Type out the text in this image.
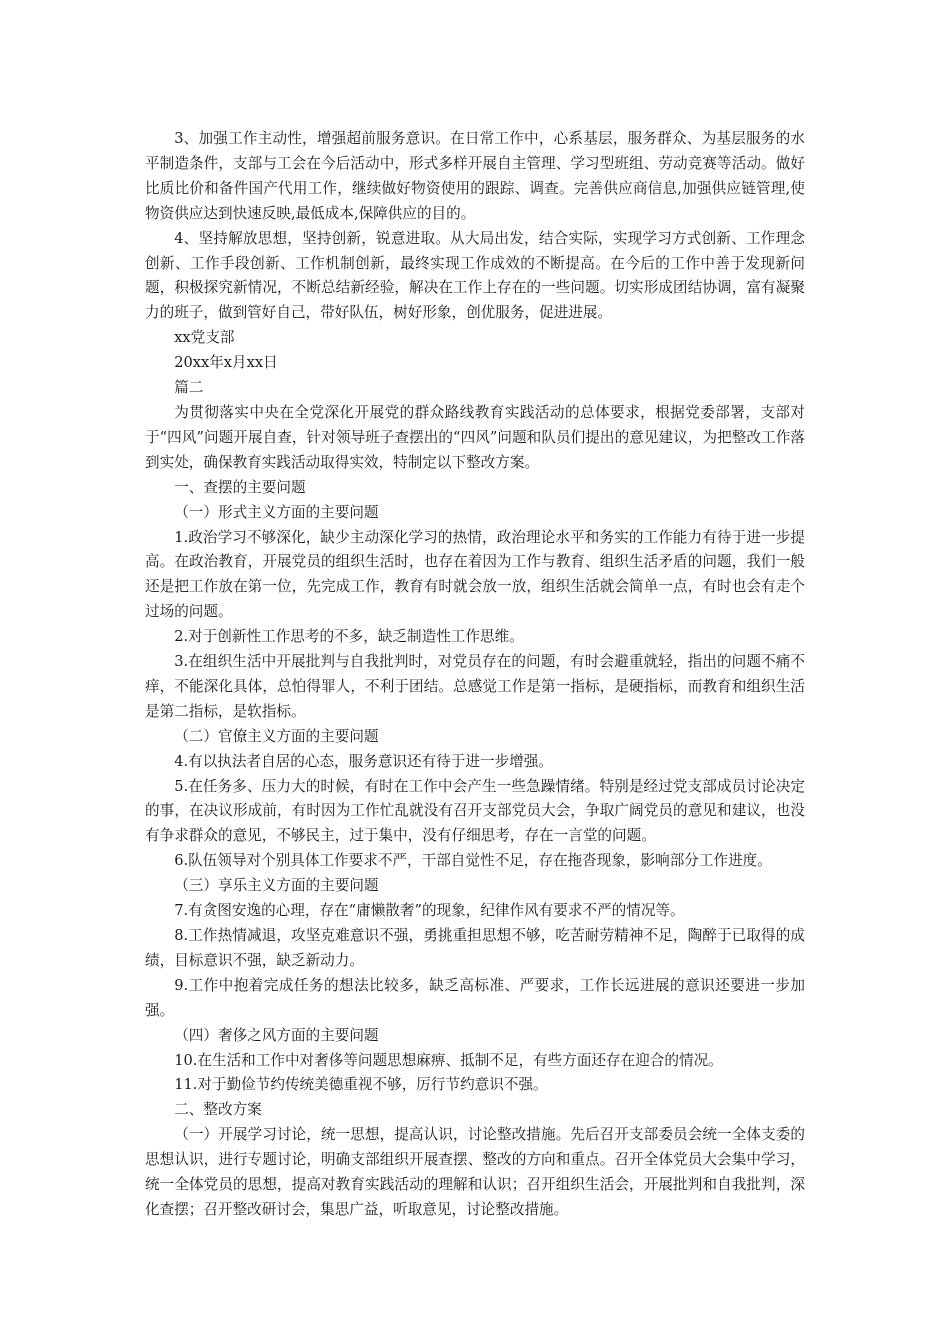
3、加强工作主动性，增强超前服务意识。在日常工作中，心系基层，服务群众、为基层服务的水平制造条件，支部与工会在今后活动中，形式多样开展自主管理、学习型班组、劳动竞赛等活动。做好比质比价和备件国产代用工作，继续做好物资使用的跟踪、调查。完善供应商信息,加强供应链管理,使物资供应达到快速反映,最低成本,保障供应的目的。

4、坚持解放思想，坚持创新，锐意进取。从大局出发，结合实际，实现学习方式创新、工作理念创新、工作手段创新、工作机制创新，最终实现工作成效的不断提高。在今后的工作中善于发现新问题，积极探究新情况，不断总结新经验，解决在工作上存在的一些问题。切实形成团结协调，富有凝聚力的班子，做到管好自己，带好队伍，树好形象，创优服务，促进进展。

xx党支部

20xx年x月xx日

篇二

为贯彻落实中央在全党深化开展党的群众路线教育实践活动的总体要求，根据党委部署，支部对于“四风”问题开展自查，针对领导班子查摆出的“四风”问题和队员们提出的意见建议，为把整改工作落到实处，确保教育实践活动取得实效，特制定以下整改方案。

一、查摆的主要问题

（一）形式主义方面的主要问题

1.政治学习不够深化，缺少主动深化学习的热情，政治理论水平和务实的工作能力有待于进一步提高。在政治教育，开展党员的组织生活时，也存在着因为工作与教育、组织生活矛盾的问题，我们一般还是把工作放在第一位，先完成工作，教育有时就会放一放，组织生活就会简单一点，有时也会有走个过场的问题。

2.对于创新性工作思考的不多，缺乏制造性工作思维。

3.在组织生活中开展批判与自我批判时，对党员存在的问题，有时会避重就轻，指出的问题不痛不痒，不能深化具体，总怕得罪人，不利于团结。总感觉工作是第一指标，是硬指标，而教育和组织生活是第二指标，是软指标。

（二）官僚主义方面的主要问题

4.有以执法者自居的心态，服务意识还有待于进一步增强。

5.在任务多、压力大的时候，有时在工作中会产生一些急躁情绪。特别是经过党支部成员讨论决定的事，在决议形成前，有时因为工作忙乱就没有召开支部党员大会，争取广阔党员的意见和建议，也没有争求群众的意见，不够民主，过于集中，没有仔细思考，存在一言堂的问题。

6.队伍领导对个别具体工作要求不严，干部自觉性不足，存在拖沓现象，影响部分工作进度。

（三）享乐主义方面的主要问题

7.有贪图安逸的心理，存在“庸懒散奢”的现象，纪律作风有要求不严的情况等。

8.工作热情减退，攻坚克难意识不强，勇挑重担思想不够，吃苦耐劳精神不足，陶醉于已取得的成绩，目标意识不强，缺乏新动力。

9.工作中抱着完成任务的想法比较多，缺乏高标准、严要求，工作长远进展的意识还要进一步加强。

（四）奢侈之风方面的主要问题

10.在生活和工作中对奢侈等问题思想麻痹、抵制不足，有些方面还存在迎合的情况。

11.对于勤俭节约传统美德重视不够，厉行节约意识不强。

二、整改方案

（一）开展学习讨论，统一思想，提高认识，讨论整改措施。先后召开支部委员会统一全体支委的思想认识，进行专题讨论，明确支部组织开展查摆、整改的方向和重点。召开全体党员大会集中学习，统一全体党员的思想，提高对教育实践活动的理解和认识；召开组织生活会，开展批判和自我批判，深化查摆；召开整改研讨会，集思广益，听取意见，讨论整改措施。
